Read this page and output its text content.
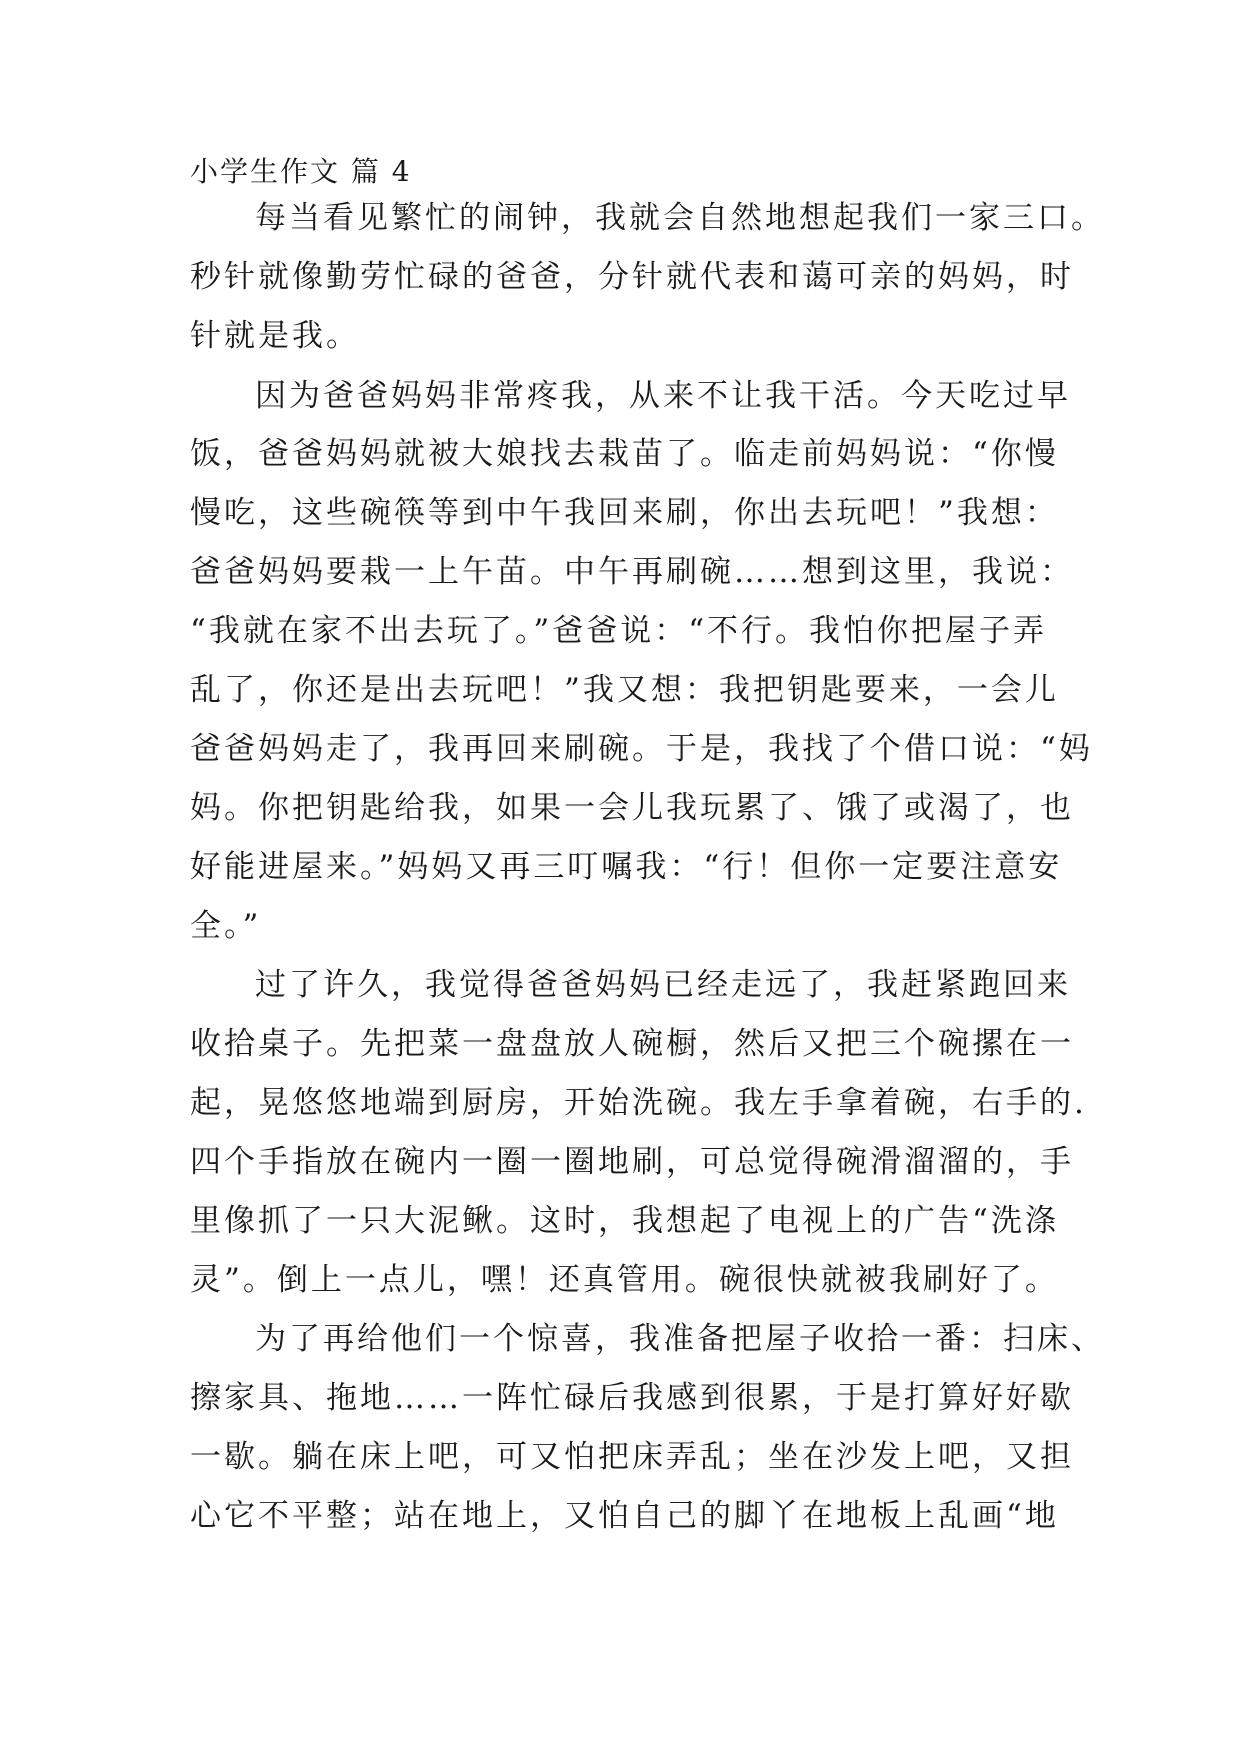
小学生作文 篇 4
每当看见繁忙的闹钟，我就会自然地想起我们一家三口。
秒针就像勤劳忙碌的爸爸，分针就代表和蔼可亲的妈妈，时
针就是我。
因为爸爸妈妈非常疼我，从来不让我干活。今天吃过早
饭，爸爸妈妈就被大娘找去栽苗了。临走前妈妈说：“你慢
慢吃，这些碗筷等到中午我回来刷，你出去玩吧！”我想：
爸爸妈妈要栽一上午苗。中午再刷碗……想到这里，我说：
“我就在家不出去玩了。”爸爸说：“不行。我怕你把屋子弄
乱了，你还是出去玩吧！”我又想：我把钥匙要来，一会儿
爸爸妈妈走了，我再回来刷碗。于是，我找了个借口说：“妈
妈。你把钥匙给我，如果一会儿我玩累了、饿了或渴了，也
好能进屋来。”妈妈又再三叮嘱我：“行！但你一定要注意安
全。”
过了许久，我觉得爸爸妈妈已经走远了，我赶紧跑回来
收拾桌子。先把菜一盘盘放人碗橱，然后又把三个碗摞在一
起，晃悠悠地端到厨房，开始洗碗。我左手拿着碗，右手的.
四个手指放在碗内一圈一圈地刷，可总觉得碗滑溜溜的，手
里像抓了一只大泥鳅。这时，我想起了电视上的广告“洗涤
灵”。倒上一点儿，嘿！还真管用。碗很快就被我刷好了。
为了再给他们一个惊喜，我准备把屋子收拾一番：扫床、
擦家具、拖地……一阵忙碌后我感到很累，于是打算好好歇
一歇。躺在床上吧，可又怕把床弄乱；坐在沙发上吧，又担
心它不平整；站在地上，又怕自己的脚丫在地板上乱画“地
